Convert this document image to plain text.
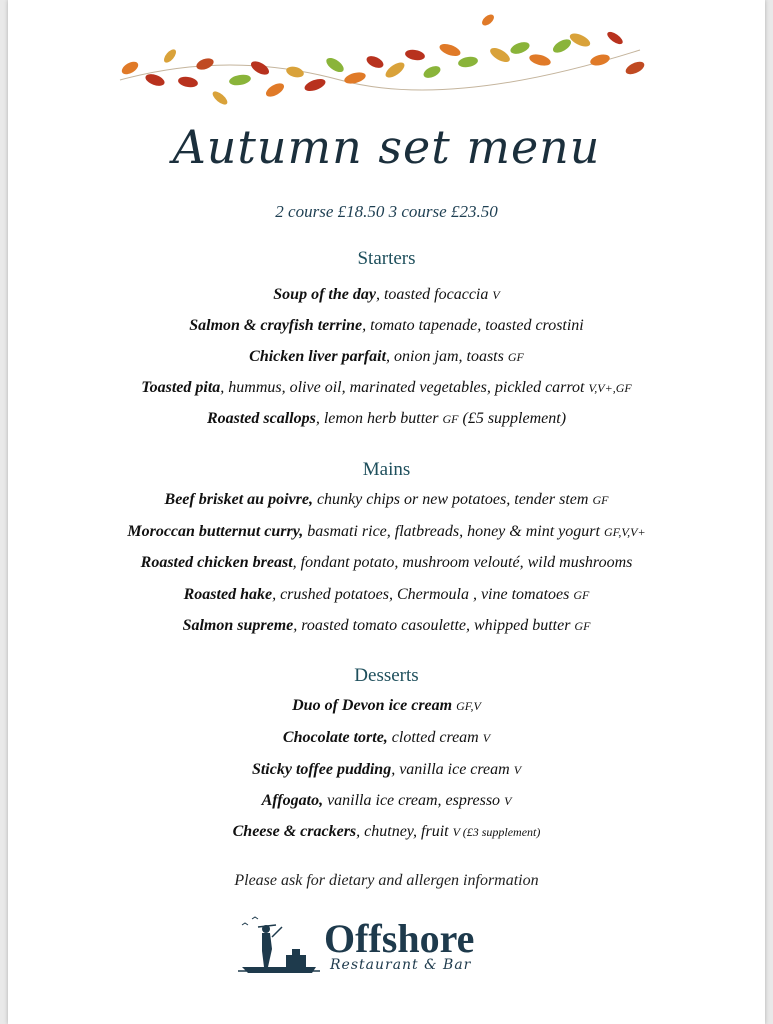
Autumn set menu
2 course £18.50 3 course £23.50
Starters
Soup of the day, toasted focaccia V
Salmon & crayfish terrine, tomato tapenade, toasted crostini
Chicken liver parfait, onion jam, toasts GF
Toasted pita, hummus, olive oil, marinated vegetables, pickled carrot V,V+,GF
Roasted scallops, lemon herb butter GF (£5 supplement)
Mains
Beef brisket au poivre, chunky chips or new potatoes, tender stem GF
Moroccan butternut curry, basmati rice, flatbreads, honey & mint yogurt GF,V,V+
Roasted chicken breast, fondant potato, mushroom velouté, wild mushrooms
Roasted hake, crushed potatoes, Chermoula , vine tomatoes GF
Salmon supreme, roasted tomato casoulette, whipped butter GF
Desserts
Duo of Devon ice cream GF,V
Chocolate torte, clotted cream V
Sticky toffee pudding, vanilla ice cream V
Affogato, vanilla ice cream, espresso V
Cheese & crackers, chutney, fruit V (£3 supplement)
Please ask for dietary and allergen information
Offshore
Restaurant & Bar
